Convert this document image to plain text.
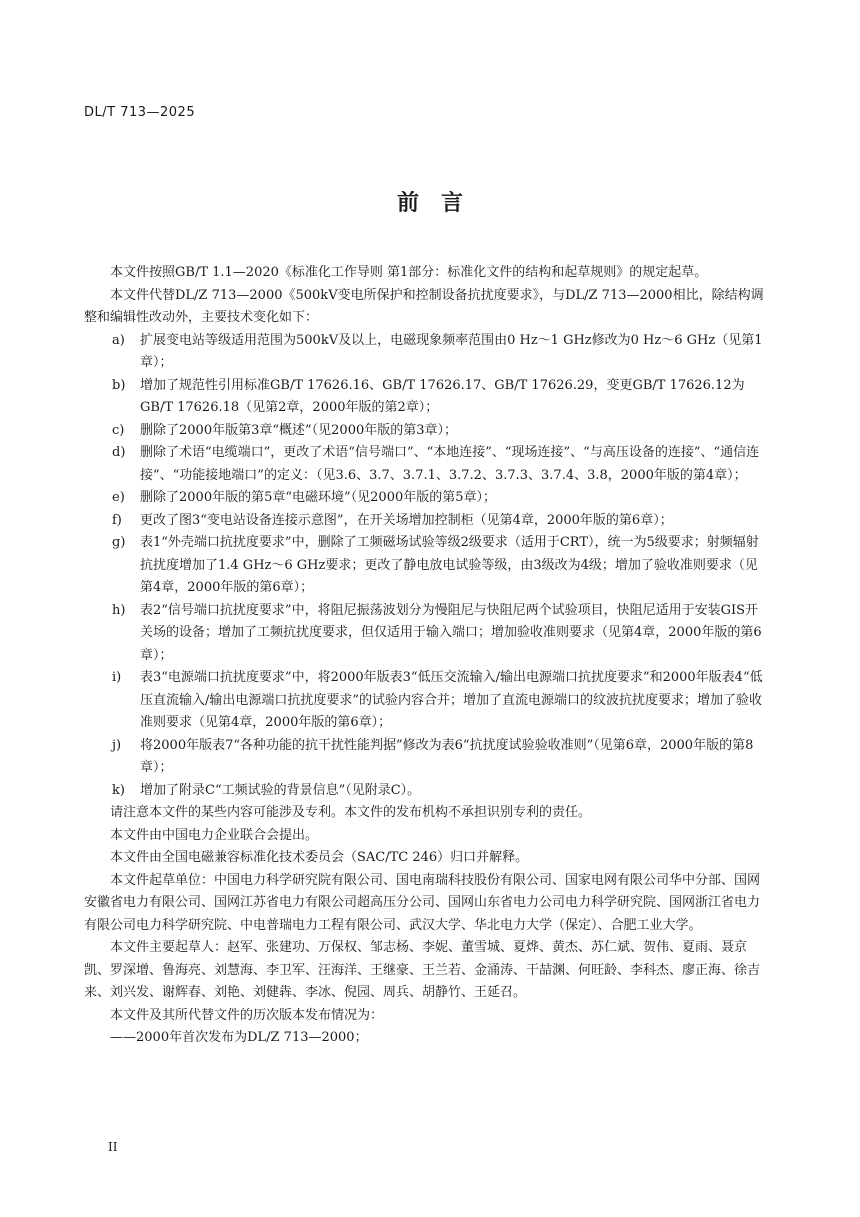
DL/T 713—2025
前　言

本文件按照GB/T 1.1—2020《标准化工作导则 第1部分：标准化文件的结构和起草规则》的规定起草。

本文件代替DL/Z 713—2000《500kV变电所保护和控制设备抗扰度要求》，与DL/Z 713—2000相比，除结构调整和编辑性改动外，主要技术变化如下：

a) 扩展变电站等级适用范围为500kV及以上，电磁现象频率范围由0 Hz～1 GHz修改为0 Hz～6 GHz（见第1章）；
b) 增加了规范性引用标准GB/T 17626.16、GB/T 17626.17、GB/T 17626.29，变更GB/T 17626.12为GB/T 17626.18（见第2章，2000年版的第2章）；
c) 删除了2000年版第3章“概述”（见2000年版的第3章）；
d) 删除了术语“电缆端口”，更改了术语“信号端口”、“本地连接”、“现场连接”、“与高压设备的连接”、“通信连接”、“功能接地端口”的定义：（见3.6、3.7、3.7.1、3.7.2、3.7.3、3.7.4、3.8，2000年版的第4章）；
e) 删除了2000年版的第5章“电磁环境”（见2000年版的第5章）；
f) 更改了图3“变电站设备连接示意图”，在开关场增加控制柜（见第4章，2000年版的第6章）；
g) 表1“外壳端口抗扰度要求”中，删除了工频磁场试验等级2级要求（适用于CRT），统一为5级要求；射频辐射抗扰度增加了1.4 GHz～6 GHz要求；更改了静电放电试验等级，由3级改为4级；增加了验收准则要求（见第4章，2000年版的第6章）；
h) 表2“信号端口抗扰度要求”中，将阻尼振荡波划分为慢阻尼与快阻尼两个试验项目，快阻尼适用于安装GIS开关场的设备；增加了工频抗扰度要求，但仅适用于输入端口；增加验收准则要求（见第4章，2000年版的第6章）；
i) 表3“电源端口抗扰度要求”中，将2000年版表3“低压交流输入/输出电源端口抗扰度要求”和2000年版表4“低压直流输入/输出电源端口抗扰度要求”的试验内容合并；增加了直流电源端口的纹波抗扰度要求；增加了验收准则要求（见第4章，2000年版的第6章）；
j) 将2000年版表7“各种功能的抗干扰性能判据”修改为表6“抗扰度试验验收准则”（见第6章，2000年版的第8章）；
k) 增加了附录C“工频试验的背景信息”（见附录C）。

请注意本文件的某些内容可能涉及专利。本文件的发布机构不承担识别专利的责任。

本文件由中国电力企业联合会提出。

本文件由全国电磁兼容标准化技术委员会（SAC/TC 246）归口并解释。

本文件起草单位：中国电力科学研究院有限公司、国电南瑞科技股份有限公司、国家电网有限公司华中分部、国网安徽省电力有限公司、国网江苏省电力有限公司超高压分公司、国网山东省电力公司电力科学研究院、国网浙江省电力有限公司电力科学研究院、中电普瑞电力工程有限公司、武汉大学、华北电力大学（保定）、合肥工业大学。

本文件主要起草人：赵军、张建功、万保权、邹志杨、李妮、董雪城、夏烨、黄杰、苏仁斌、贺伟、夏雨、聂京凯、罗深增、鲁海亮、刘慧海、李卫军、汪海洋、王继豪、王兰若、金涌涛、干喆渊、何旺龄、李科杰、廖正海、徐吉来、刘兴发、谢辉春、刘艳、刘健犇、李冰、倪园、周兵、胡静竹、王延召。

本文件及其所代替文件的历次版本发布情况为：

——2000年首次发布为DL/Z 713—2000；

II
